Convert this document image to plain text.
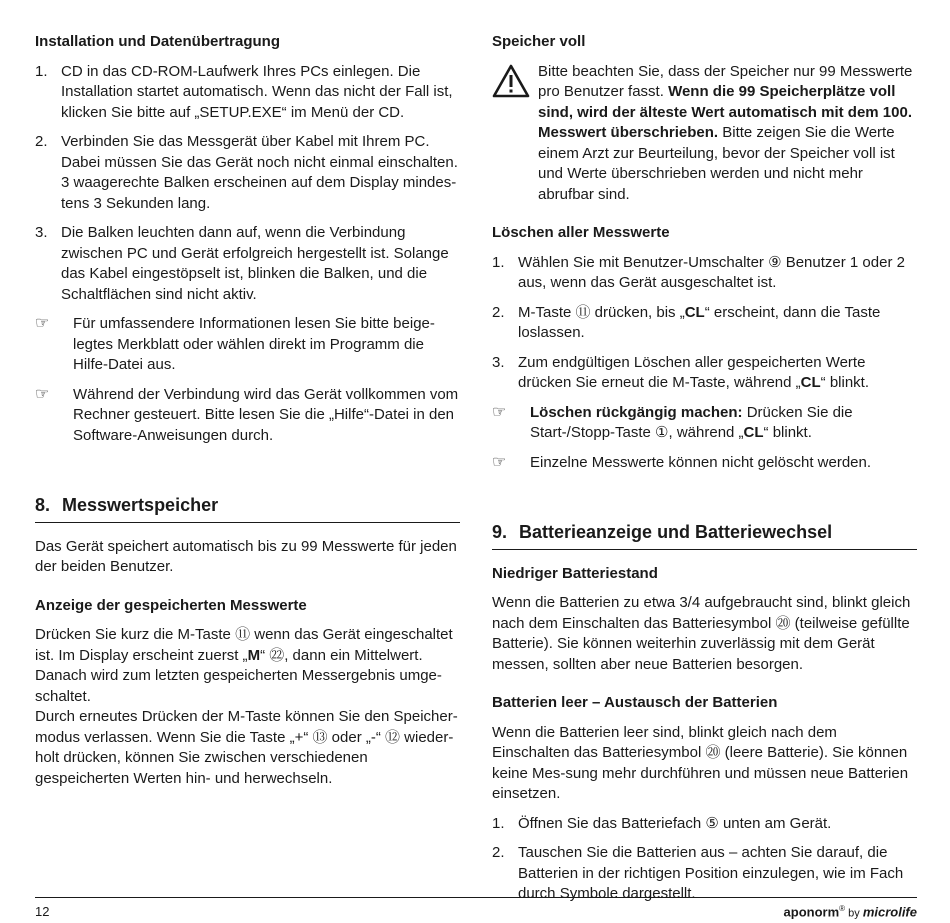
Installation und Datenübertragung
1. CD in das CD-ROM-Laufwerk Ihres PCs einlegen. Die Installation startet automatisch. Wenn das nicht der Fall ist, klicken Sie bitte auf „SETUP.EXE“ im Menü der CD.
2. Verbinden Sie das Messgerät über Kabel mit Ihrem PC. Dabei müssen Sie das Gerät noch nicht einmal einschalten. 3 waagerechte Balken erscheinen auf dem Display mindes-tens 3 Sekunden lang.
3. Die Balken leuchten dann auf, wenn die Verbindung zwischen PC und Gerät erfolgreich hergestellt ist. Solange das Kabel eingestöpselt ist, blinken die Balken, und die Schaltflächen sind nicht aktiv.
☞ Für umfassendere Informationen lesen Sie bitte beige-legtes Merkblatt oder wählen direkt im Programm die Hilfe-Datei aus.
☞ Während der Verbindung wird das Gerät vollkommen vom Rechner gesteuert. Bitte lesen Sie die „Hilfe“-Datei in den Software-Anweisungen durch.
8. Messwertspeicher

Das Gerät speichert automatisch bis zu 99 Messwerte für jeden der beiden Benutzer.

Anzeige der gespeicherten Messwerte

Drücken Sie kurz die M-Taste ⑪ wenn das Gerät eingeschaltet ist. Im Display erscheint zuerst „M“ ㉒, dann ein Mittelwert. Danach wird zum letzten gespeicherten Messergebnis umge-schaltet.

Durch erneutes Drücken der M-Taste können Sie den Speicher-modus verlassen. Wenn Sie die Taste „+“ ⑬ oder „-“ ⑫ wieder-holt drücken, können Sie zwischen verschiedenen gespeicherten Werten hin- und herwechseln.

Speicher voll

Bitte beachten Sie, dass der Speicher nur 99 Messwerte pro Benutzer fasst. Wenn die 99 Speicherplätze voll sind, wird der älteste Wert automatisch mit dem 100. Messwert überschrieben. Bitte zeigen Sie die Werte einem Arzt zur Beurteilung, bevor der Speicher voll ist und Werte überschrieben werden und nicht mehr abrufbar sind.

Löschen aller Messwerte
1. Wählen Sie mit Benutzer-Umschalter ⑨ Benutzer 1 oder 2 aus, wenn das Gerät ausgeschaltet ist.
2. M-Taste ⑪ drücken, bis „CL“ erscheint, dann die Taste loslassen.
3. Zum endgültigen Löschen aller gespeicherten Werte drücken Sie erneut die M-Taste, während „CL“ blinkt.
☞ Löschen rückgängig machen: Drücken Sie die Start-/Stopp-Taste ①, während „CL“ blinkt.
☞ Einzelne Messwerte können nicht gelöscht werden.
9. Batterieanzeige und Batteriewechsel
Niedriger Batteriestand

Wenn die Batterien zu etwa 3/4 aufgebraucht sind, blinkt gleich nach dem Einschalten das Batteriesymbol ⑳ (teilweise gefüllte Batterie). Sie können weiterhin zuverlässig mit dem Gerät messen, sollten aber neue Batterien besorgen.

Batterien leer – Austausch der Batterien

Wenn die Batterien leer sind, blinkt gleich nach dem Einschalten das Batteriesymbol ⑳ (leere Batterie). Sie können keine Mes-sung mehr durchführen und müssen neue Batterien einsetzen.

1. Öffnen Sie das Batteriefach ⑤ unten am Gerät.
2. Tauschen Sie die Batterien aus – achten Sie darauf, die Batterien in der richtigen Position einzulegen, wie im Fach durch Symbole dargestellt.
12	aponorm® by microlife
